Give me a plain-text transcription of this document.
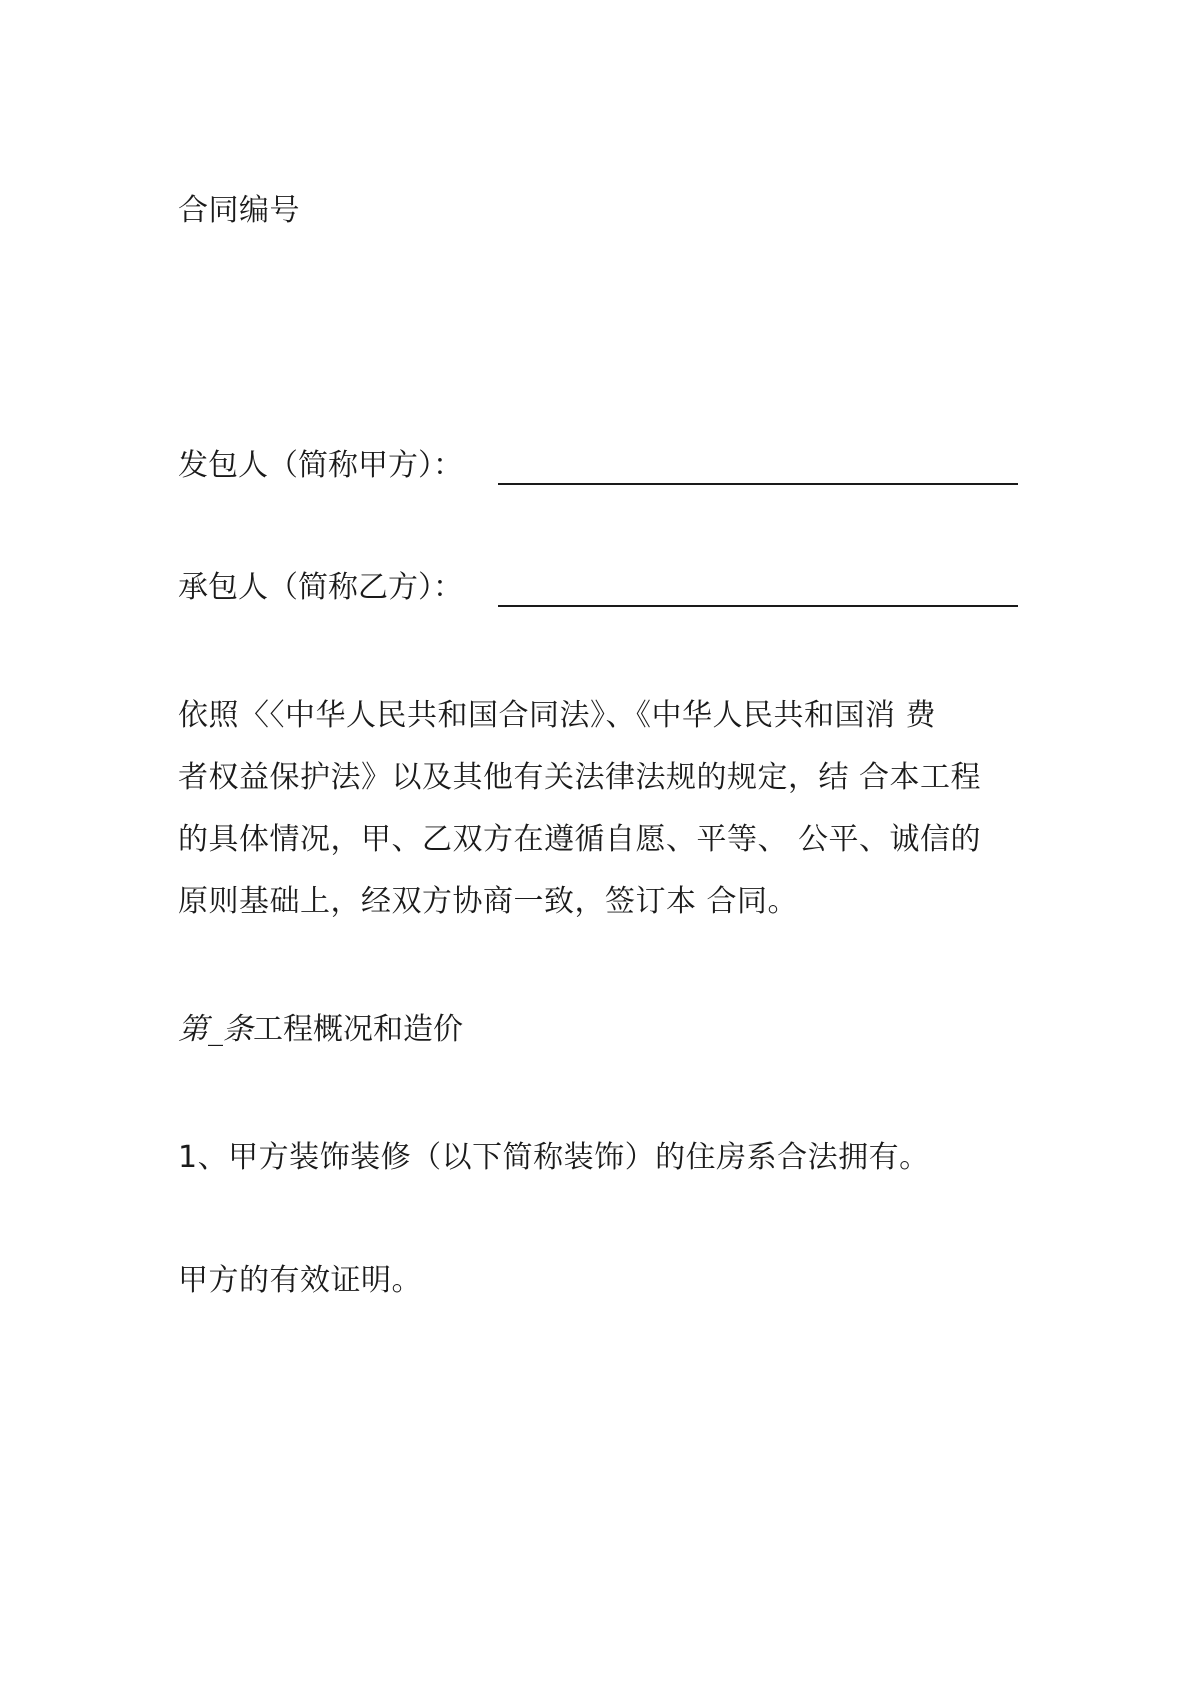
合同编号
发包人（简称甲方）：
承包人（简称乙方）：
依照〈〈中华人民共和国合同法》、《中华人民共和国消 费
者权益保护法》以及其他有关法律法规的规定，结 合本工程
的具体情况，甲、乙双方在遵循自愿、平等、 公平、诚信的
原则基础上，经双方协商一致，签订本 合同。
第_条工程概况和造价
1、甲方装饰装修（以下简称装饰）的住房系合法拥有。
甲方的有效证明。
